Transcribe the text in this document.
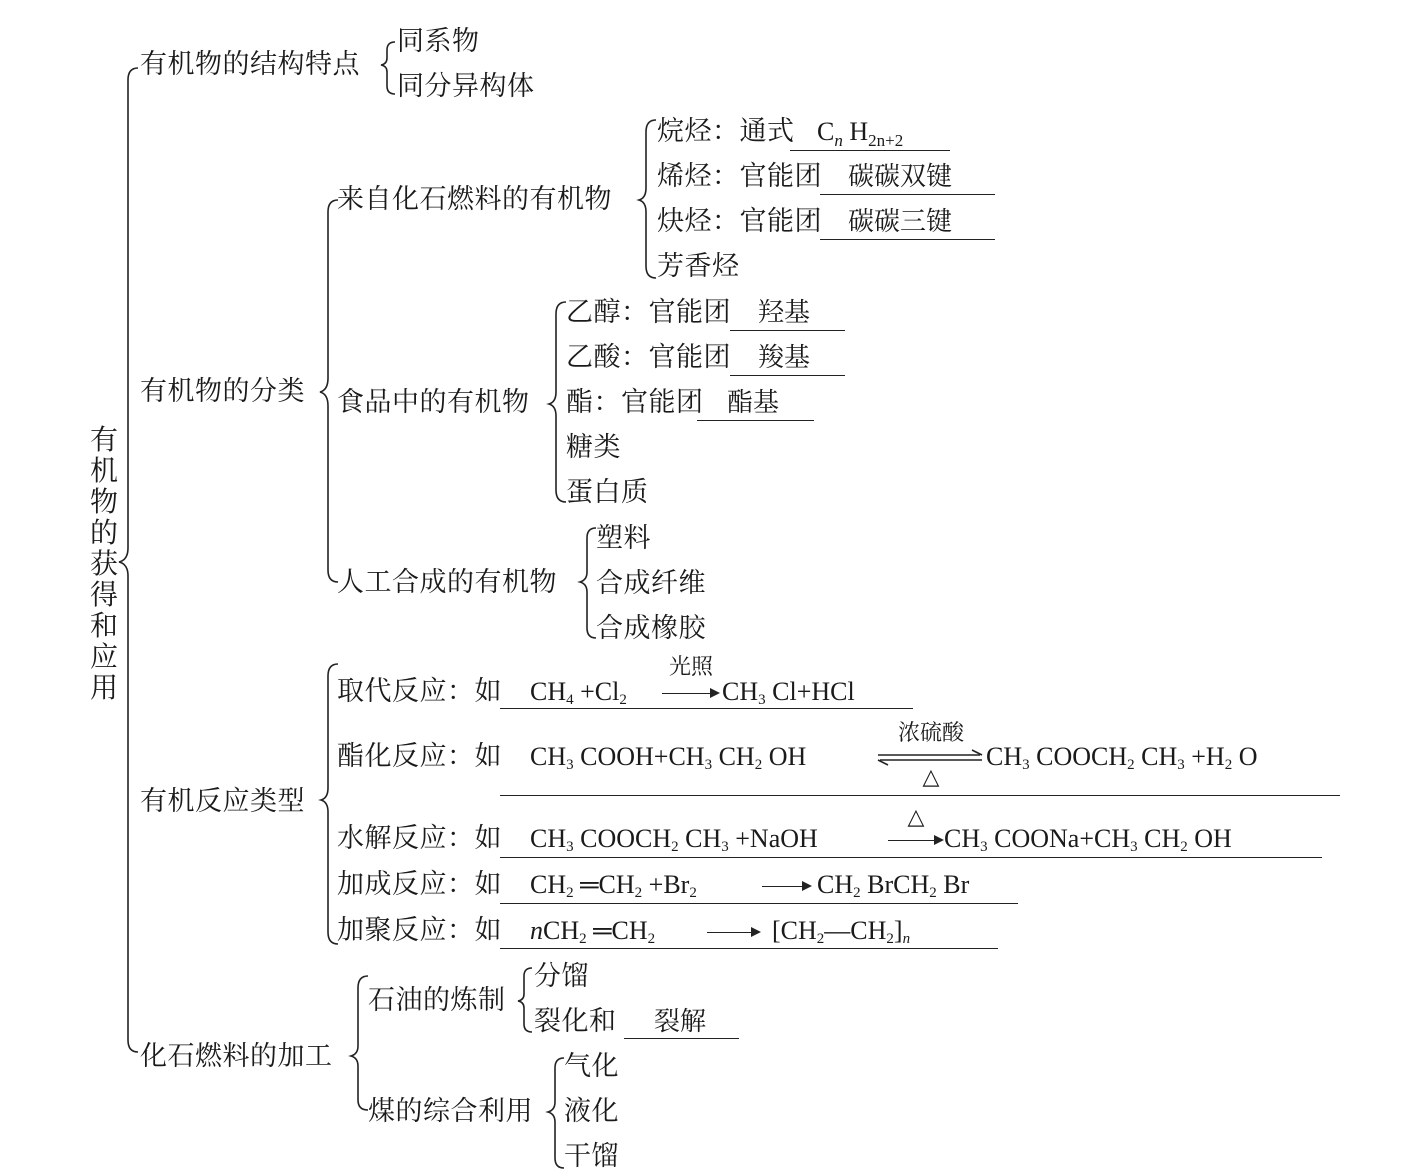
有机物的获得和应用
有机物的结构特点
同系物
同分异构体
有机物的分类
来自化石燃料的有机物
烷烃：通式 $C_n$ $H_{2n+2}$
烯烃：官能团 碳碳双键
炔烃：官能团 碳碳三键
芳香烃
食品中的有机物
乙醇：官能团 羟基
乙酸：官能团 羧基
酯：官能团 酯基
糖类
蛋白质
人工合成的有机物
塑料
合成纤维
合成橡胶
有机反应类型
取代反应：如 $CH_4 +Cl_2$
光照
$CH_3$ Cl+HCl
酯化反应：如 $CH_3$ $COOH+CH_3$ $CH_2$ OH
浓硫酸
△
$CH_3$ $COOCH_2$ $CH_3 +H_2$ O
水解反应：如 $CH_3$ $COOCH_2$ $CH_3$ +NaOH
△
$CH_3$ $COONa+CH_3$ $CH_2$ OH
加成反应：如 $CH_2$ $═CH_2 +Br_2$	$CH_2$ BrCH$_2$ Br
加聚反应：如 nCH$_2$ $═CH_2$	$[CH_2—CH_2]_n$
化石燃料的加工
石油的炼制
分馏
裂化和 裂解
煤的综合利用
气化
液化
干馏
